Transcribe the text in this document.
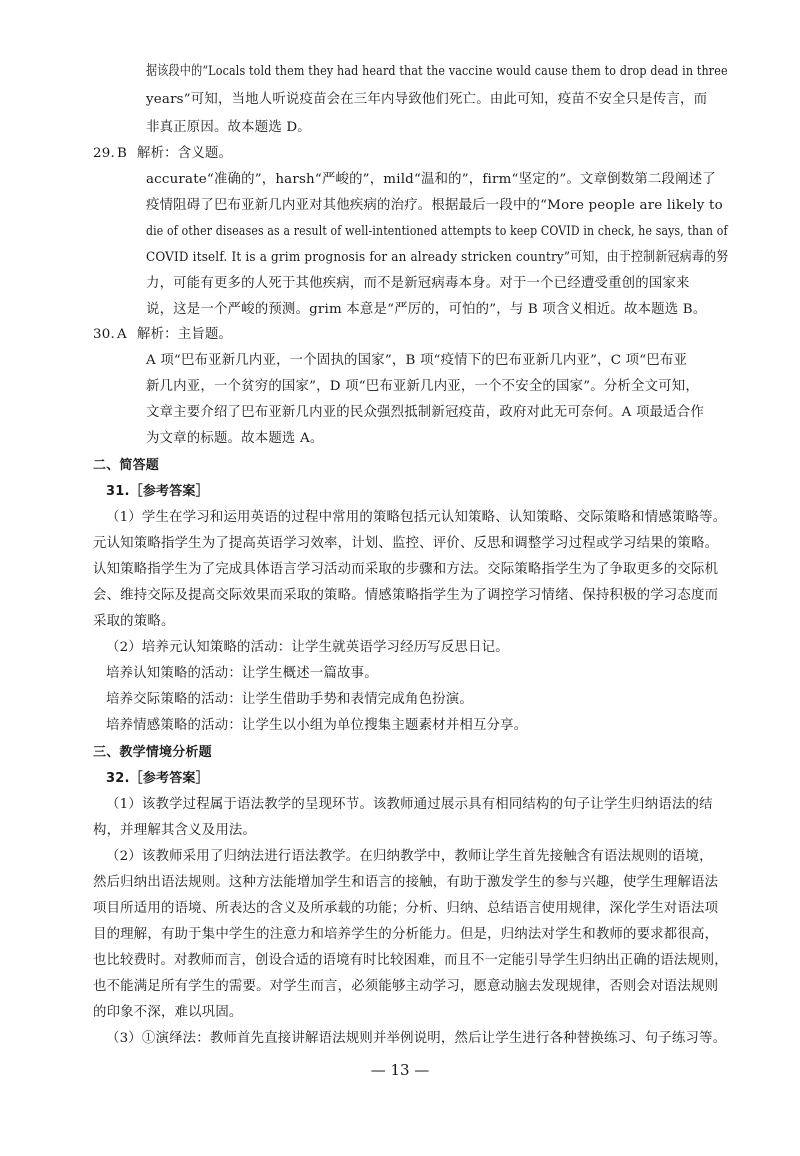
据该段中的“Locals told them they had heard that the vaccine would cause them to drop dead in three
years”可知，当地人听说疫苗会在三年内导致他们死亡。由此可知，疫苗不安全只是传言，而
非真正原因。故本题选 D。
29. B 解析：含义题。
accurate“准确的”，harsh“严峻的”，mild“温和的”，firm“坚定的”。文章倒数第二段阐述了
疫情阻碍了巴布亚新几内亚对其他疾病的治疗。根据最后一段中的“More people are likely to
die of other diseases as a result of well-intentioned attempts to keep COVID in check, he says, than of
COVID itself. It is a grim prognosis for an already stricken country”可知，由于控制新冠病毒的努
力，可能有更多的人死于其他疾病，而不是新冠病毒本身。对于一个已经遭受重创的国家来
说，这是一个严峻的预测。grim 本意是“严厉的，可怕的”，与 B 项含义相近。故本题选 B。
30. A 解析：主旨题。
A 项“巴布亚新几内亚，一个固执的国家”，B 项“疫情下的巴布亚新几内亚”，C 项“巴布亚
新几内亚，一个贫穷的国家”，D 项“巴布亚新几内亚，一个不安全的国家”。分析全文可知，
文章主要介绍了巴布亚新几内亚的民众强烈抵制新冠疫苗，政府对此无可奈何。A 项最适合作
为文章的标题。故本题选 A。
二、简答题
31.［参考答案］
（1）学生在学习和运用英语的过程中常用的策略包括元认知策略、认知策略、交际策略和情感策略等。
元认知策略指学生为了提高英语学习效率，计划、监控、评价、反思和调整学习过程或学习结果的策略。
认知策略指学生为了完成具体语言学习活动而采取的步骤和方法。交际策略指学生为了争取更多的交际机
会、维持交际及提高交际效果而采取的策略。情感策略指学生为了调控学习情绪、保持积极的学习态度而
采取的策略。
（2）培养元认知策略的活动：让学生就英语学习经历写反思日记。
培养认知策略的活动：让学生概述一篇故事。
培养交际策略的活动：让学生借助手势和表情完成角色扮演。
培养情感策略的活动：让学生以小组为单位搜集主题素材并相互分享。
三、教学情境分析题
32.［参考答案］
（1）该教学过程属于语法教学的呈现环节。该教师通过展示具有相同结构的句子让学生归纳语法的结
构，并理解其含义及用法。
（2）该教师采用了归纳法进行语法教学。在归纳教学中，教师让学生首先接触含有语法规则的语境，
然后归纳出语法规则。这种方法能增加学生和语言的接触，有助于激发学生的参与兴趣，使学生理解语法
项目所适用的语境、所表达的含义及所承载的功能；分析、归纳、总结语言使用规律，深化学生对语法项
目的理解，有助于集中学生的注意力和培养学生的分析能力。但是，归纳法对学生和教师的要求都很高，
也比较费时。对教师而言，创设合适的语境有时比较困难，而且不一定能引导学生归纳出正确的语法规则，
也不能满足所有学生的需要。对学生而言，必须能够主动学习，愿意动脑去发现规律，否则会对语法规则
的印象不深，难以巩固。
（3）①演绎法：教师首先直接讲解语法规则并举例说明，然后让学生进行各种替换练习、句子练习等。
— 13 —
